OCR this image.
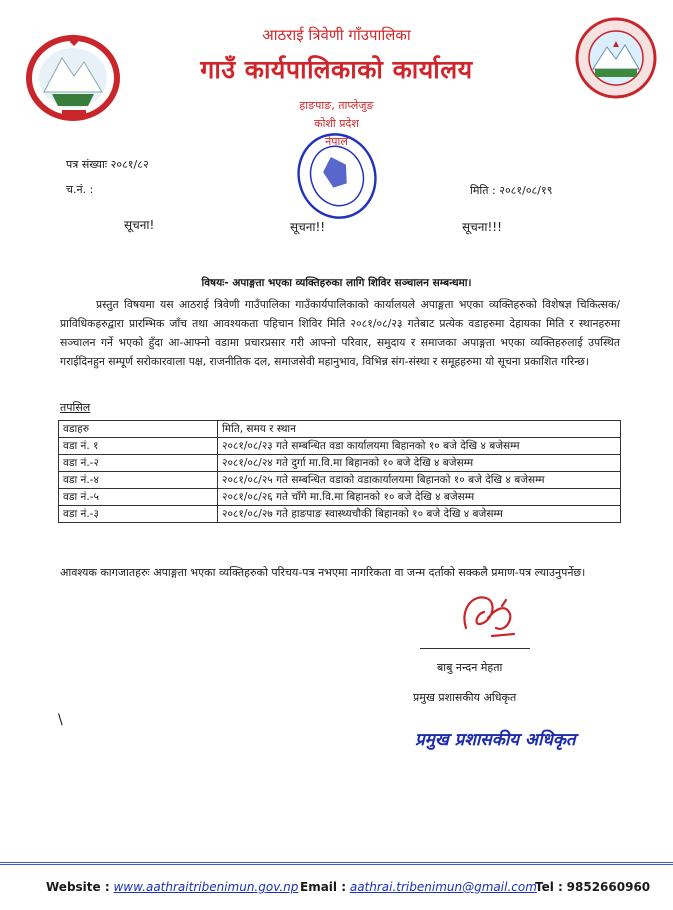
आठराई त्रिवेणी गाँउपालिका
गाउँ कार्यपालिकाको कार्यालय
हाङपाङ, ताप्लेजुङ
कोशी प्रदेश
नेपाल
पत्र संख्याः २०८१/८२
च.नं. :	मिति : २०८१/०८/१९
सूचना!	सूचना!!	सूचना!!!
विषयः- अपाङ्गता भएका व्यक्तिहरुका लागि शिविर सञ्चालन सम्बन्धमा।
प्रस्तुत विषयमा यस आठराई त्रिवेणी गाउँपालिका गाउँकार्यपालिकाको कार्यालयले अपाङ्गता भएका व्यक्तिहरुको विशेषज्ञ चिकित्सक/प्राविधिकहरुद्वारा प्रारम्भिक जाँच तथा आवश्यकता पहिचान शिविर मिति २०८१/०८/२३ गतेबाट प्रत्येक वडाहरुमा देहायका मिति र स्थानहरुमा सञ्चालन गर्ने भएको हुँदा आ-आफ्नो वडामा प्रचारप्रसार गरी आफ्नो परिवार, समुदाय र समाजका अपाङ्गता भएका व्यक्तिहरुलाई उपस्थित गराईदिनहुन सम्पूर्ण सरोकारवाला पक्ष, राजनीतिक दल, समाजसेवी महानुभाव, विभिन्न संग-संस्था र समूहहरुमा यो सूचना प्रकाशित गरिन्छ।
तपसिल
वडाहरु	मिति, समय र स्थान
वडा नं. १	२०८१/०८/२३ गते सम्बन्धित वडा कार्यालयमा बिहानको १० बजे देखि ४ बजेसम्म
वडा नं.-२	२०८१/०८/२४ गते दुर्गा मा.वि.मा बिहानको १० बजे देखि ४ बजेसम्म
वडा नं.-४	२०८१/०८/२५ गते सम्बन्धित वडाको वडाकार्यालयमा बिहानको १० बजे देखि ४ बजेसम्म
वडा नं.-५	२०८१/०८/२६ गते चाँगे मा.वि.मा बिहानको १० बजे देखि ४ बजेसम्म
वडा नं.-३	२०८१/०८/२७ गते हाङपाङ स्वास्थ्यचौकी बिहानको १० बजे देखि ४ बजेसम्म
आवश्यक कागजातहरुः अपाङ्गता भएका व्यक्तिहरुको परिचय-पत्र नभएमा नागरिकता वा जन्म दर्ताको सक्कलै प्रमाण-पत्र ल्याउनुपर्नेछ।
बाबु नन्दन मेहता
प्रमुख प्रशासकीय अधिकृत
प्रमुख प्रशासकीय अधिकृत
\
Website : www.aathraitribenimun.gov.np Email : aathrai.tribenimun@gmail.com
Tel : 9852660960
